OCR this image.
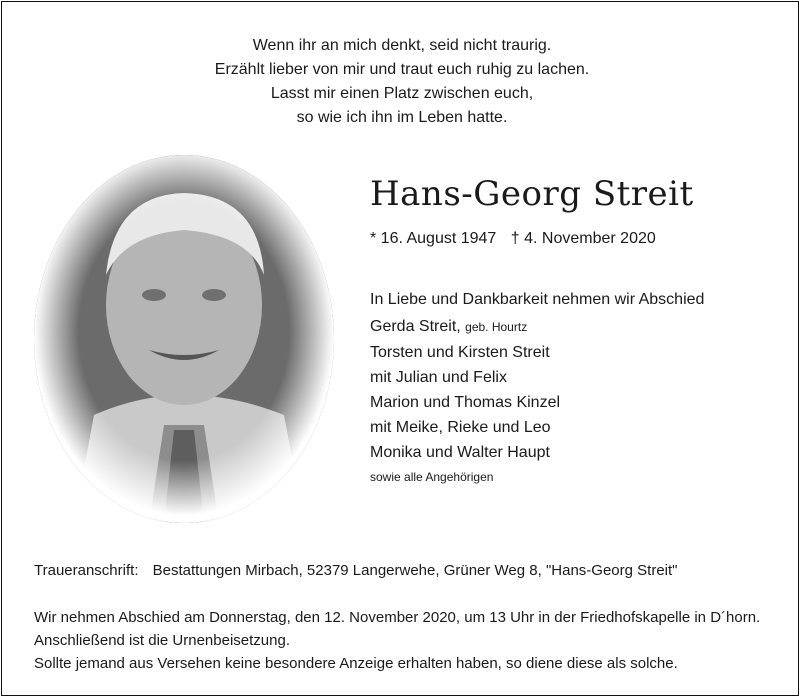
Wenn ihr an mich denkt, seid nicht traurig.
Erzählt lieber von mir und traut euch ruhig zu lachen.
Lasst mir einen Platz zwischen euch,
so wie ich ihn im Leben hatte.
Hans-Georg Streit
* 16. August 1947 † 4. November 2020
In Liebe und Dankbarkeit nehmen wir Abschied
Gerda Streit, geb. Hourtz
Torsten und Kirsten Streit
mit Julian und Felix
Marion und Thomas Kinzel
mit Meike, Rieke und Leo
Monika und Walter Haupt
sowie alle Angehörigen
Traueranschrift: Bestattungen Mirbach, 52379 Langerwehe, Grüner Weg 8, "Hans-Georg Streit"
Wir nehmen Abschied am Donnerstag, den 12. November 2020, um 13 Uhr in der Friedhofskapelle in D´horn.
Anschließend ist die Urnenbeisetzung.
Sollte jemand aus Versehen keine besondere Anzeige erhalten haben, so diene diese als solche.
